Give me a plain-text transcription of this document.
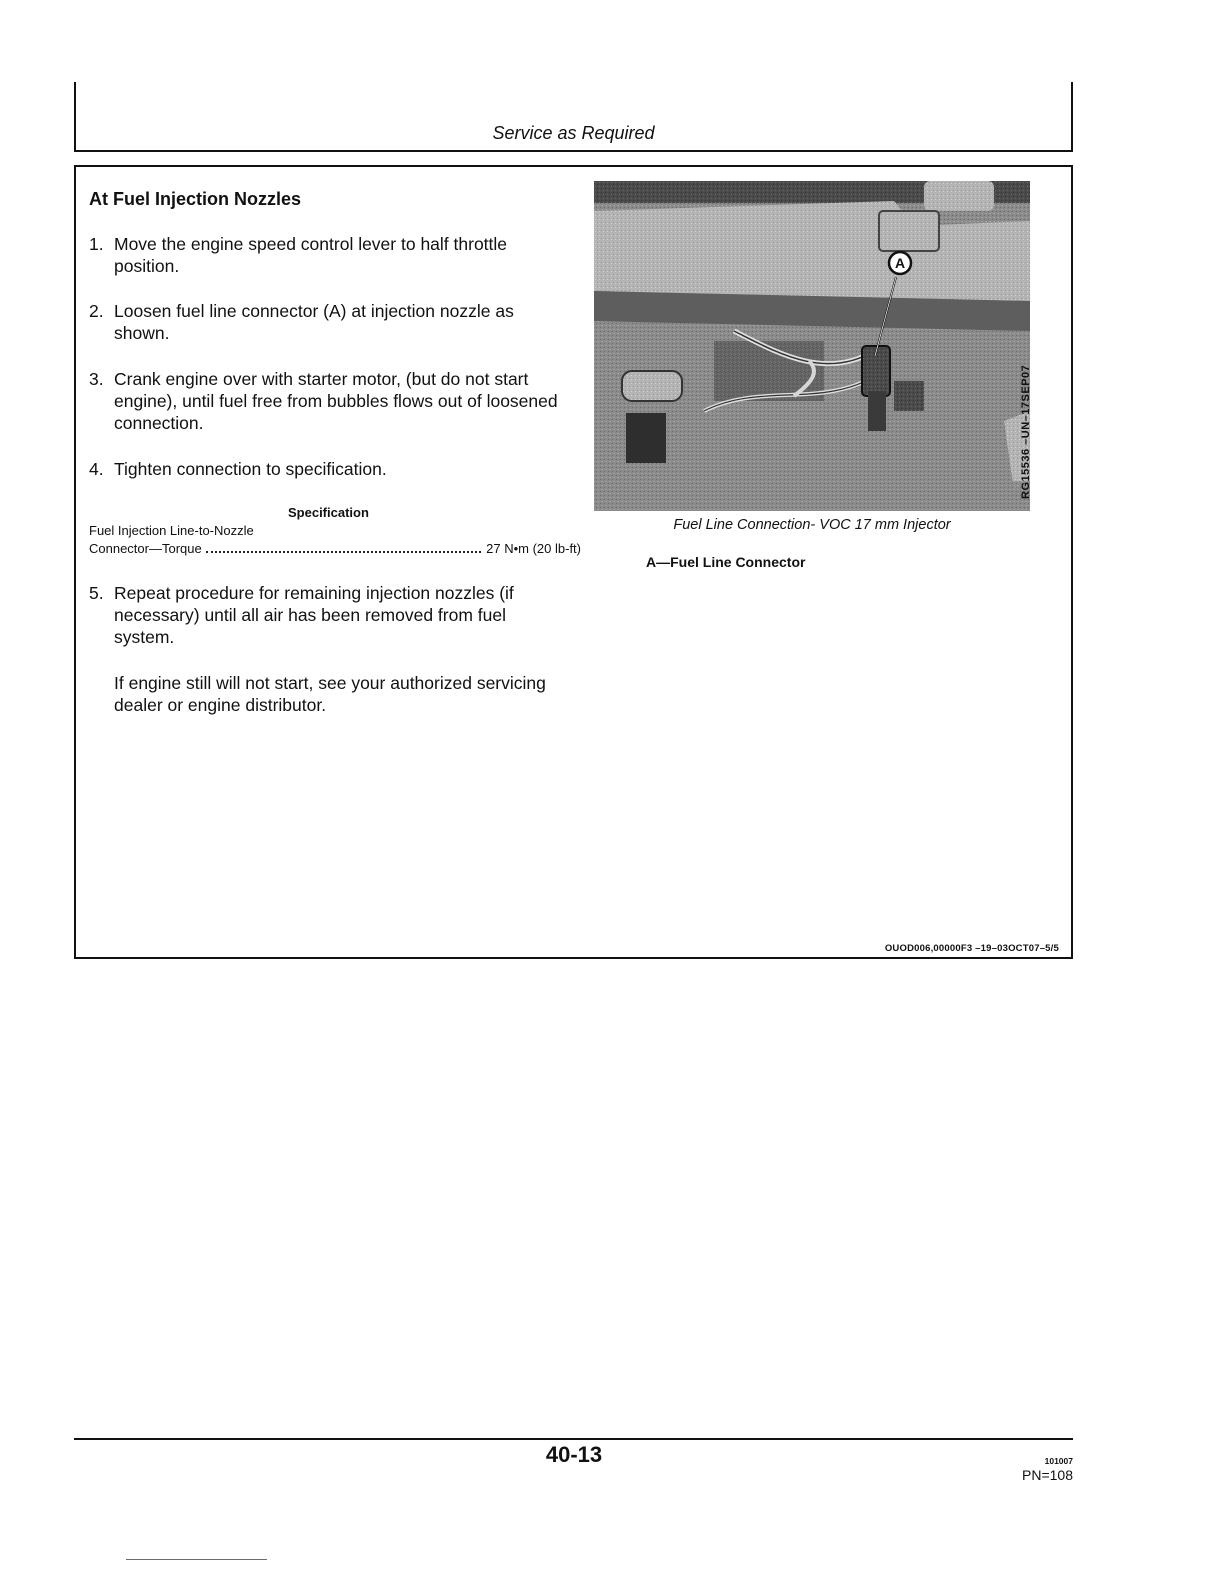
Service as Required
At Fuel Injection Nozzles
1. Move the engine speed control lever to half throttle position.
2. Loosen fuel line connector (A) at injection nozzle as shown.
3. Crank engine over with starter motor, (but do not start engine), until fuel free from bubbles flows out of loosened connection.
4. Tighten connection to specification.
Specification
Fuel Injection Line-to-Nozzle
Connector—Torque	27 N•m (20 lb-ft)
5. Repeat procedure for remaining injection nozzles (if necessary) until all air has been removed from fuel system.
If engine still will not start, see your authorized servicing dealer or engine distributor.
A
RG15536 –UN–17SEP07
Fuel Line Connection- VOC 17 mm Injector
A—Fuel Line Connector
OUOD006,00000F3 –19–03OCT07–5/5
40-13	101007
PN=108
